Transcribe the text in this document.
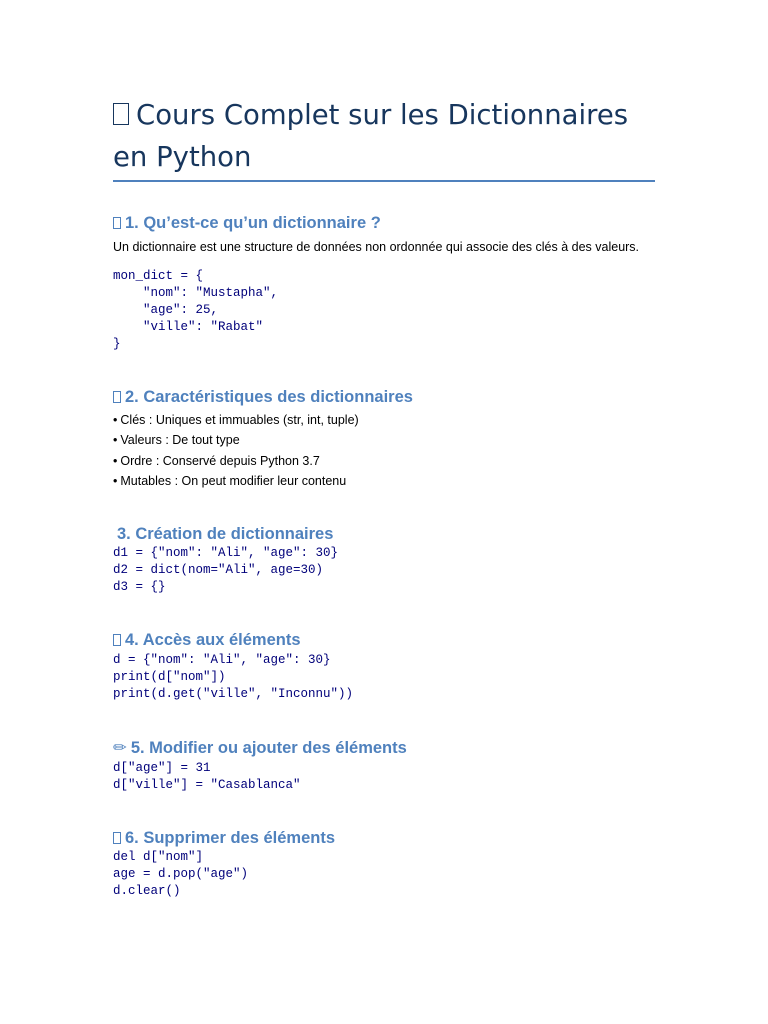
Cours Complet sur les Dictionnaires en Python
1. Qu’est-ce qu’un dictionnaire ?

Un dictionnaire est une structure de données non ordonnée qui associe des clés à des valeurs.

mon_dict = {
"nom": "Mustapha",
"age": 25,
"ville": "Rabat"
}
2. Caractéristiques des dictionnaires
• Clés : Uniques et immuables (str, int, tuple)
• Valeurs : De tout type
• Ordre : Conservé depuis Python 3.7
• Mutables : On peut modifier leur contenu
3. Création de dictionnaires
d1 = {"nom": "Ali", "age": 30}
d2 = dict(nom="Ali", age=30)
d3 = {}
4. Accès aux éléments
d = {"nom": "Ali", "age": 30}
print(d["nom"])
print(d.get("ville", "Inconnu"))
✏ 5. Modifier ou ajouter des éléments
d["age"] = 31
d["ville"] = "Casablanca"
6. Supprimer des éléments
del d["nom"]
age = d.pop("age")
d.clear()
